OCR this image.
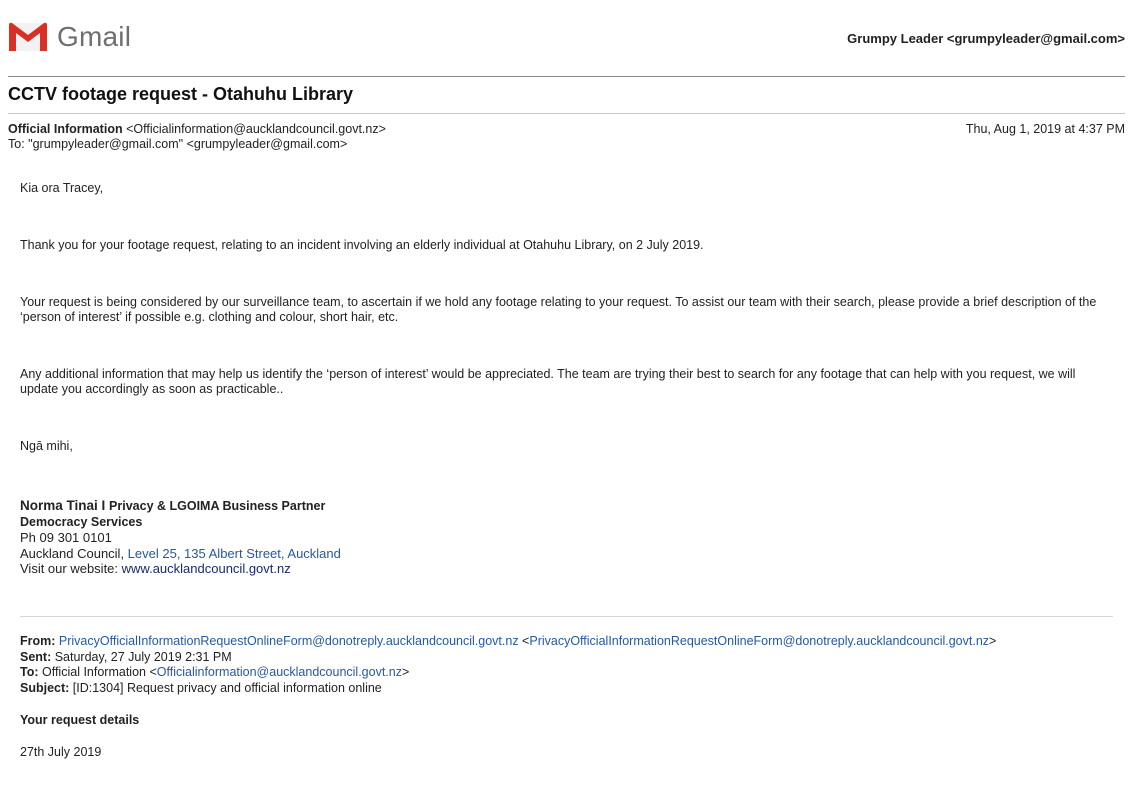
Gmail	Grumpy Leader <grumpyleader@gmail.com>
CCTV footage request - Otahuhu Library
Official Information <Officialinformation@aucklandcouncil.govt.nz>
To: "grumpyleader@gmail.com" <grumpyleader@gmail.com>
Thu, Aug 1, 2019 at 4:37 PM
Kia ora Tracey,
Thank you for your footage request, relating to an incident involving an elderly individual at Otahuhu Library, on 2 July 2019.
Your request is being considered by our surveillance team, to ascertain if we hold any footage relating to your request. To assist our team with their search, please provide a brief description of the ‘person of interest’ if possible e.g. clothing and colour, short hair, etc.
Any additional information that may help us identify the ‘person of interest’ would be appreciated. The team are trying their best to search for any footage that can help with you request, we will update you accordingly as soon as practicable..
Ngā mihi,
Norma Tinai I Privacy & LGOIMA Business Partner
Democracy Services
Ph 09 301 0101
Auckland Council, Level 25, 135 Albert Street, Auckland
Visit our website: www.aucklandcouncil.govt.nz
From: PrivacyOfficialInformationRequestOnlineForm@donotreply.aucklandcouncil.govt.nz <PrivacyOfficialInformationRequestOnlineForm@donotreply.aucklandcouncil.govt.nz>
Sent: Saturday, 27 July 2019 2:31 PM
To: Official Information <Officialinformation@aucklandcouncil.govt.nz>
Subject: [ID:1304] Request privacy and official information online
Your request details
27th July 2019
